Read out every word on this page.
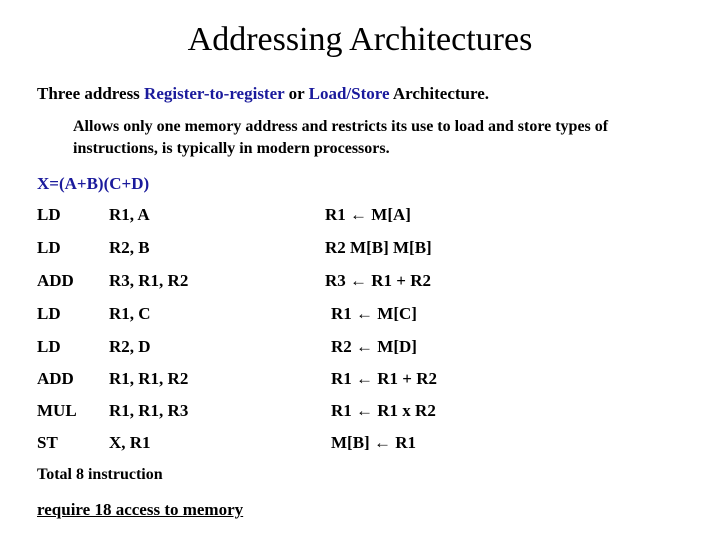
Addressing Architectures
Three address Register-to-register or Load/Store Architecture.
Allows only one memory address and restricts its use to load and store types of instructions, is typically in modern processors.
X=(A+B)(C+D)
LD	R1, A	R1 ← M[A]
LD	R2, B	R2 M[B] M[B]
ADD R3, R1, R2	R3 ← R1 + R2
LD	R1, C	R1 ← M[C]
LD	R2, D	R2 ← M[D]
ADD R1, R1, R2	R1 ← R1 + R2
MUL R1, R1, R3	R1 ← R1 x R2
ST	X, R1	M[B] ← R1
Total 8 instruction
require 18 access to memory
